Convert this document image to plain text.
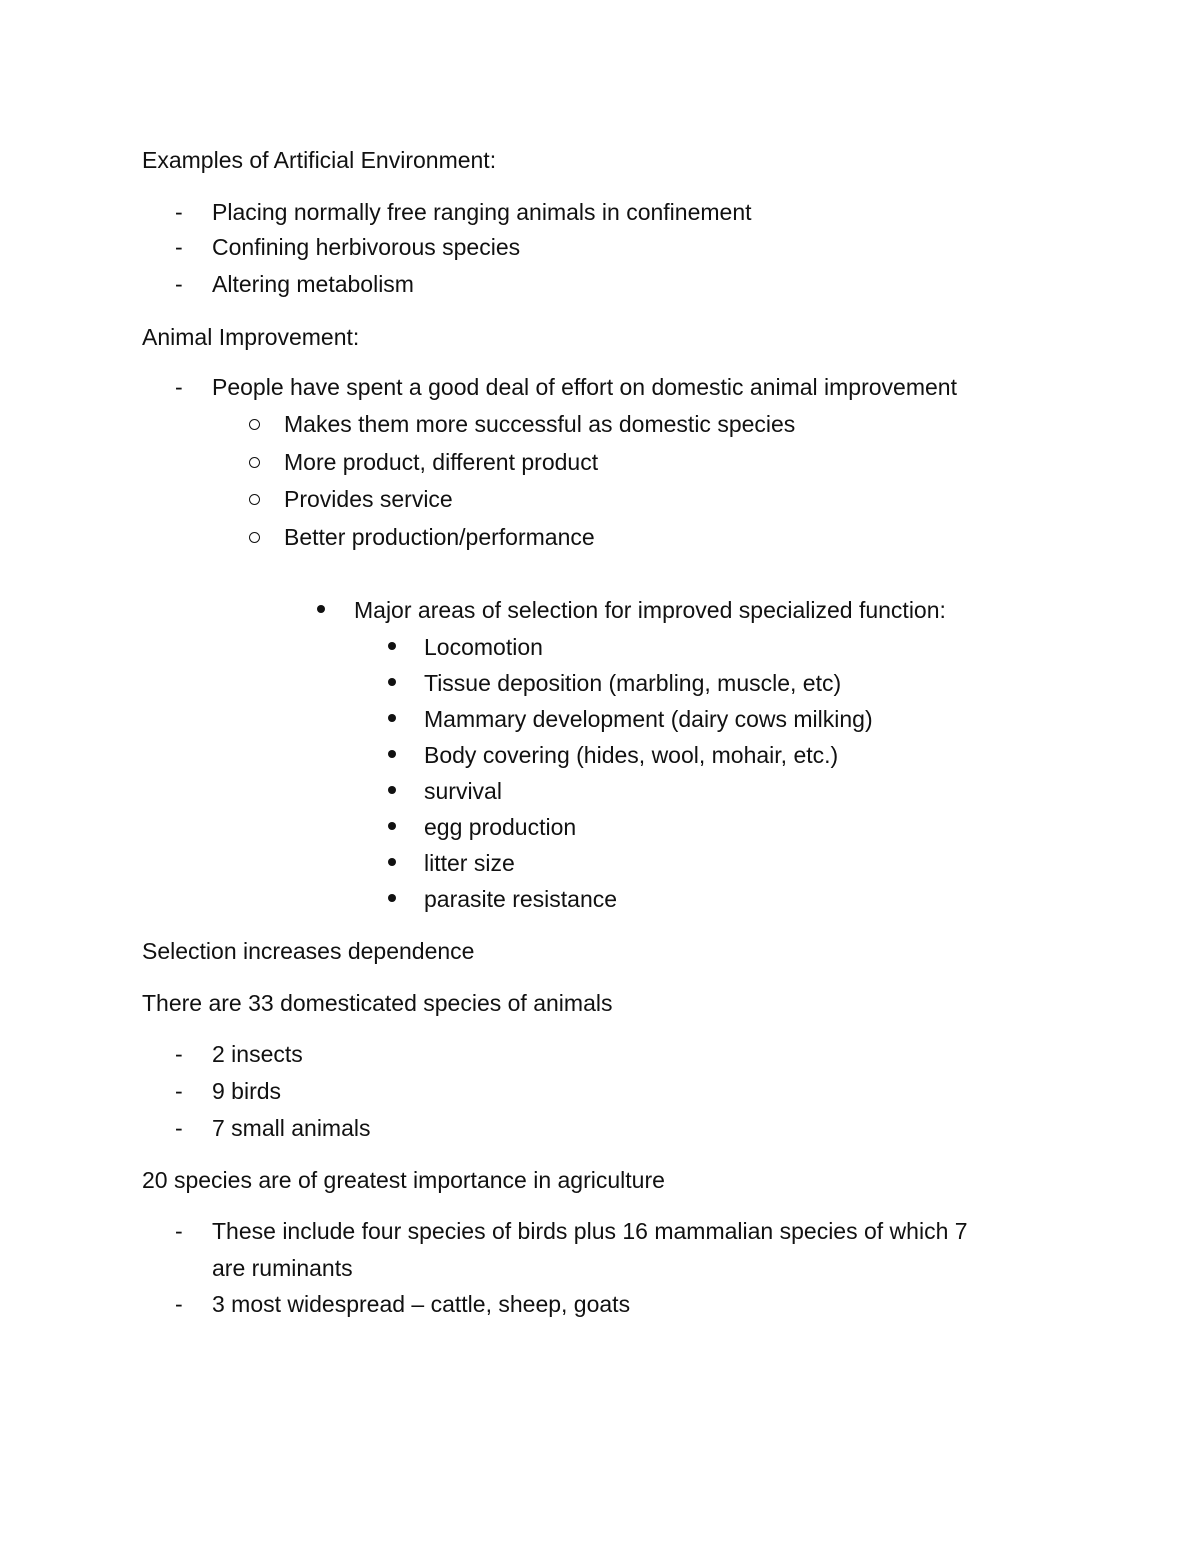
Examples of Artificial Environment:
- Placing normally free ranging animals in confinement
- Confining herbivorous species
- Altering metabolism
Animal Improvement:
- People have spent a good deal of effort on domestic animal improvement
Makes them more successful as domestic species
More product, different product
Provides service
Better production/performance
Major areas of selection for improved specialized function:
Locomotion
Tissue deposition (marbling, muscle, etc)
Mammary development (dairy cows milking)
Body covering (hides, wool, mohair, etc.)
survival
egg production
litter size
parasite resistance
Selection increases dependence
There are 33 domesticated species of animals
- 2 insects
- 9 birds
- 7 small animals
20 species are of greatest importance in agriculture
- These include four species of birds plus 16 mammalian species of which 7
are ruminants
- 3 most widespread – cattle, sheep, goats
